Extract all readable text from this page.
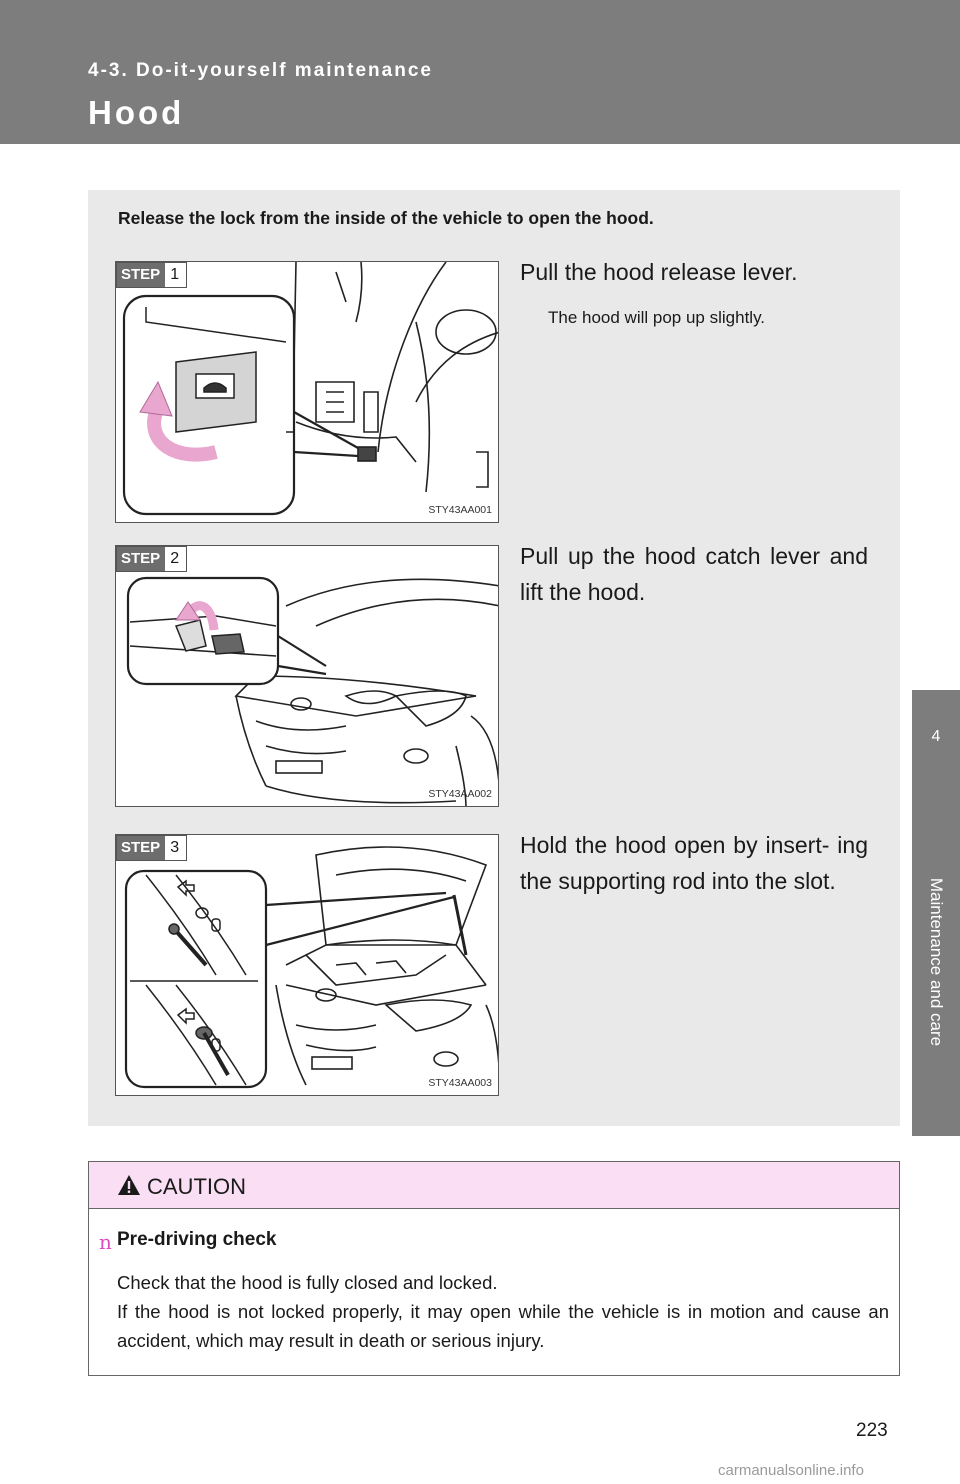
4-3. Do-it-yourself maintenance
Hood
4
Maintenance and care
Release the lock from the inside of the vehicle to open the hood.
STEP 1
STY43AA001
Pull the hood release lever.
The hood will pop up slightly.
STEP 2
STY43AA002
Pull up the hood catch lever and lift the hood.
STEP 3
STY43AA003
Hold the hood open by insert- ing the supporting rod into the slot.
CAUTION
n Pre-driving check
Check that the hood is fully closed and locked.
If the hood is not locked properly, it may open while the vehicle is in motion and cause an accident, which may result in death or serious injury.
223
carmanualsonline.info
